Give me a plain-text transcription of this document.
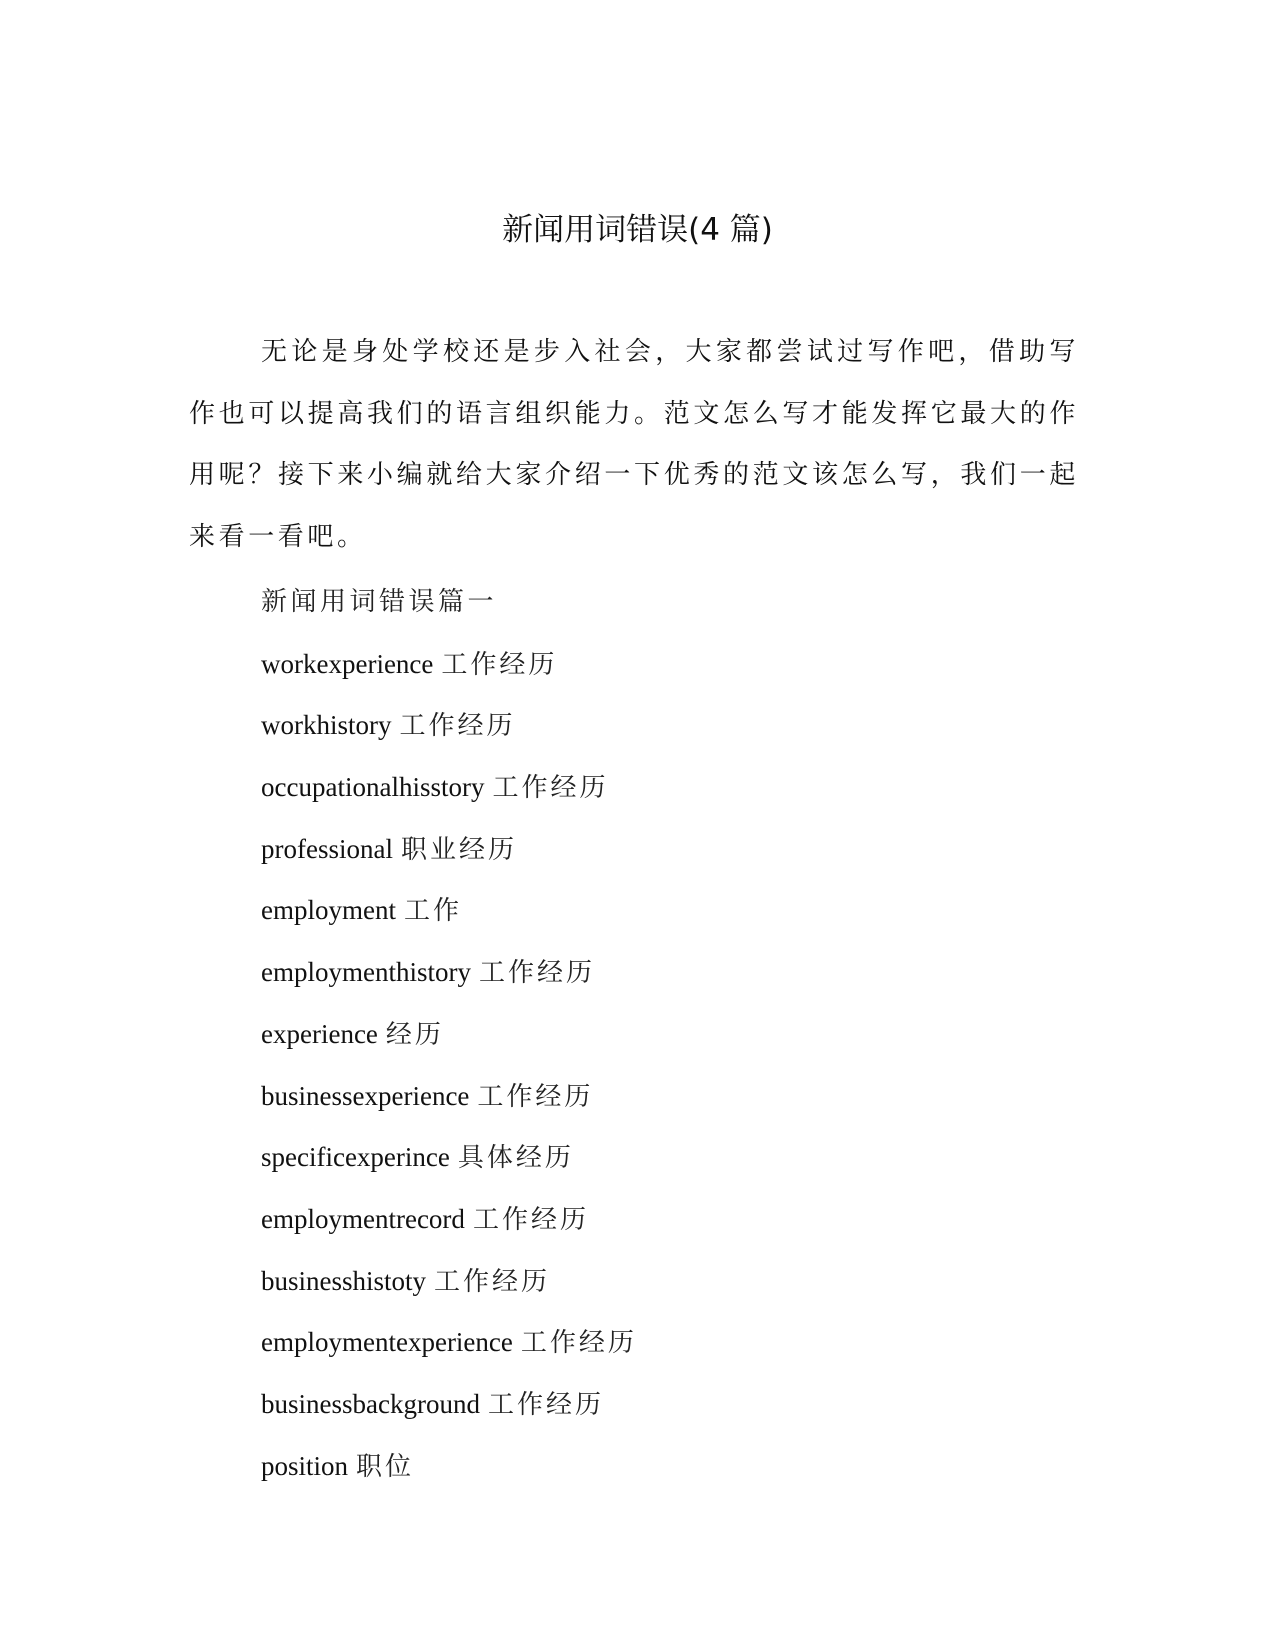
新闻用词错误(4 篇)

无论是身处学校还是步入社会，大家都尝试过写作吧，借助写作也可以提高我们的语言组织能力。范文怎么写才能发挥它最大的作用呢？接下来小编就给大家介绍一下优秀的范文该怎么写，我们一起来看一看吧。

新闻用词错误篇一
workexperience 工作经历
workhistory 工作经历
occupationalhisstory 工作经历
professional 职业经历
employment 工作
employmenthistory 工作经历
experience 经历
businessexperience 工作经历
specificexperince 具体经历
employmentrecord 工作经历
businesshistoty 工作经历
employmentexperience 工作经历
businessbackground 工作经历
position 职位
